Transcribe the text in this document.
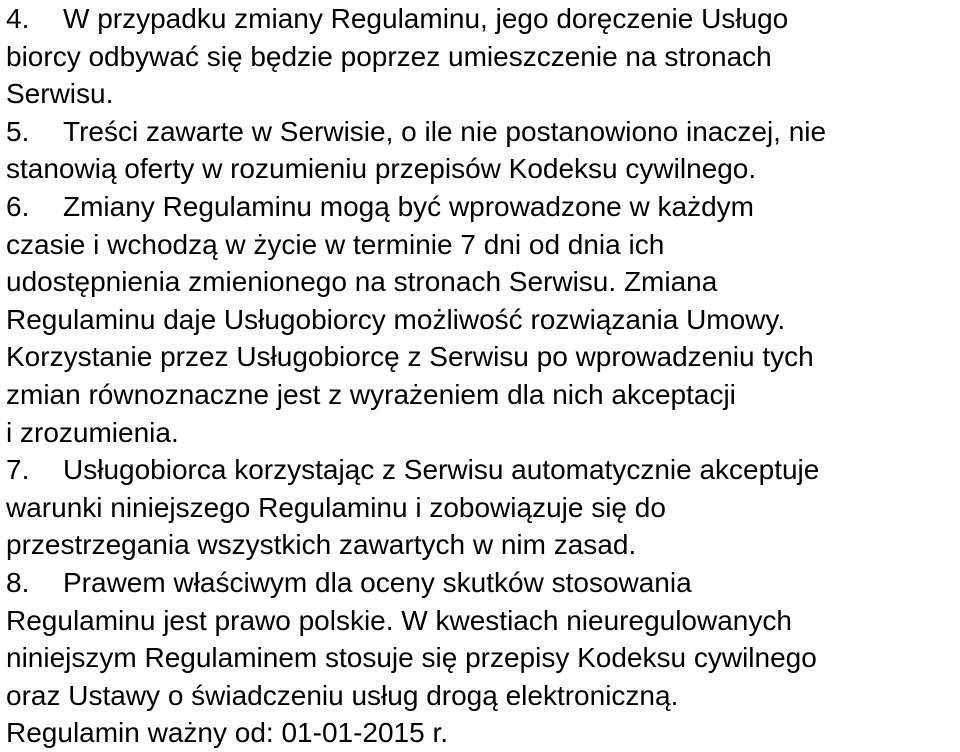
4. W przypadku zmiany Regulaminu, jego doręczenie Usługo
biorcy odbywać się będzie poprzez umieszczenie na stronach
Serwisu.
5. Treści zawarte w Serwisie, o ile nie postanowiono inaczej, nie
stanowią oferty w rozumieniu przepisów Kodeksu cywilnego.
6. Zmiany Regulaminu mogą być wprowadzone w każdym
czasie i wchodzą w życie w terminie 7 dni od dnia ich
udostępnienia zmienionego na stronach Serwisu. Zmiana
Regulaminu daje Usługobiorcy możliwość rozwiązania Umowy.
Korzystanie przez Usługobiorcę z Serwisu po wprowadzeniu tych
zmian równoznaczne jest z wyrażeniem dla nich akceptacji
i zrozumienia.
7. Usługobiorca korzystając z Serwisu automatycznie akceptuje
warunki niniejszego Regulaminu i zobowiązuje się do
przestrzegania wszystkich zawartych w nim zasad.
8. Prawem właściwym dla oceny skutków stosowania
Regulaminu jest prawo polskie. W kwestiach nieuregulowanych
niniejszym Regulaminem stosuje się przepisy Kodeksu cywilnego
oraz Ustawy o świadczeniu usług drogą elektroniczną.
Regulamin ważny od: 01-01-2015 r.
